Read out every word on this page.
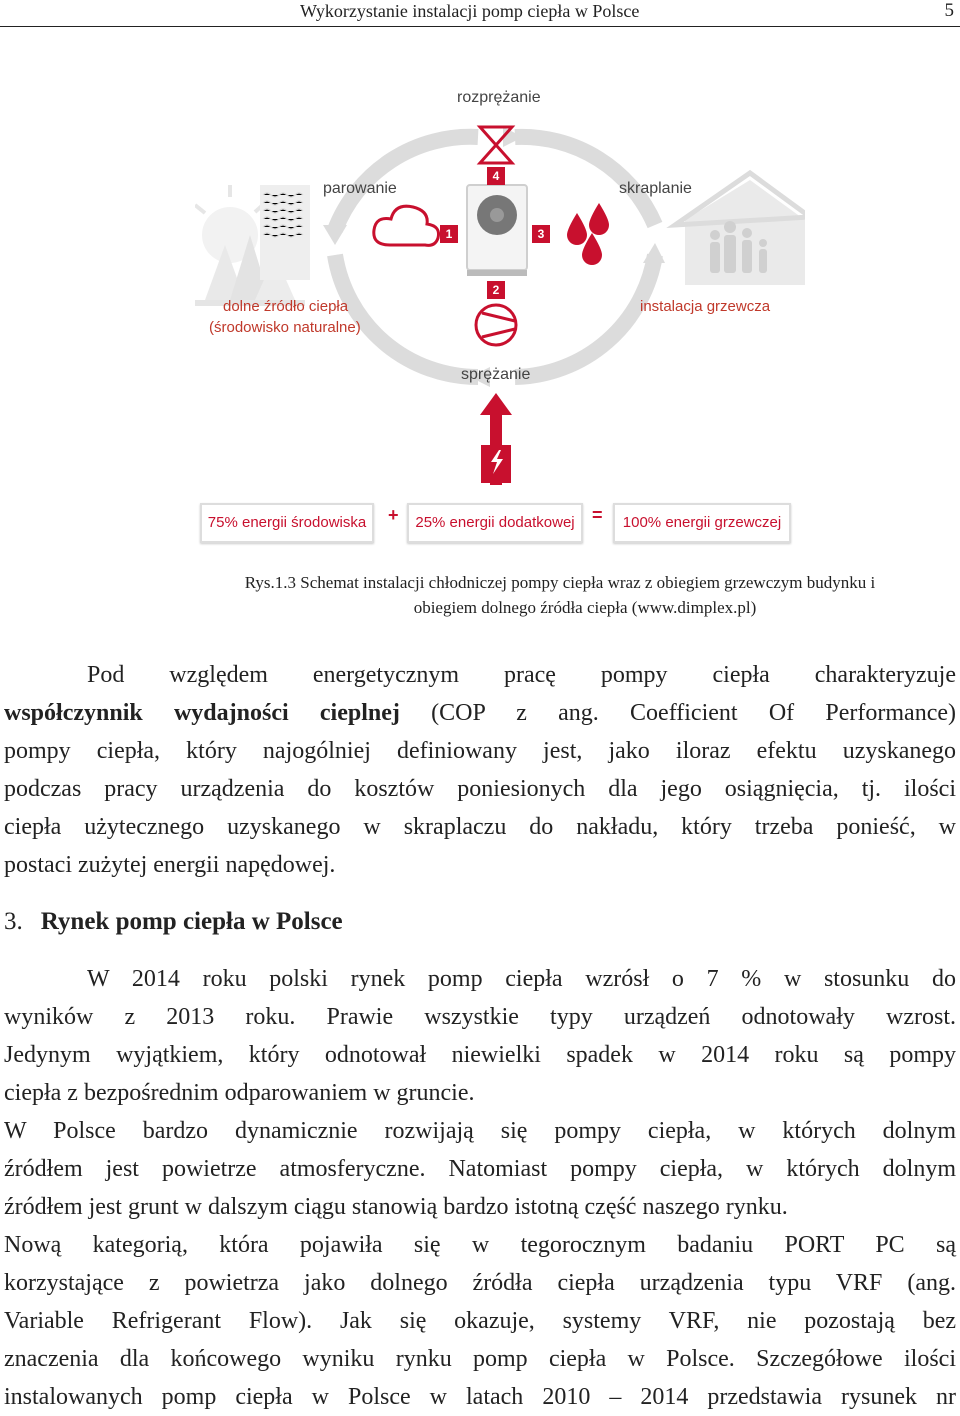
Wykorzystanie instalacji pomp ciepła w Polsce	5
rozprężanie
parowanie	skraplanie
sprężanie
dolne źródło ciepła
(środowisko naturalne)
instalacja grzewcza
1
2
3
4
75% energii środowiska	+	25% energii dodatkowej =	100% energii grzewczej
Rys.1.3 Schemat instalacji chłodniczej pompy ciepła wraz z obiegiem grzewczym budynku i
obiegiem dolnego źródła ciepła (www.dimplex.pl)
Pod względem energetycznym pracę pompy ciepła charakteryzuje
współczynnik wydajności cieplnej (COP z ang. Coefficient Of Performance)
pompy ciepła, który najogólniej definiowany jest, jako iloraz efektu uzyskanego
podczas pracy urządzenia do kosztów poniesionych dla jego osiągnięcia, tj. ilości
ciepła użytecznego uzyskanego w skraplaczu do nakładu, który trzeba ponieść, w
postaci zużytej energii napędowej.
3. Rynek pomp ciepła w Polsce
W 2014 roku polski rynek pomp ciepła wzrósł o 7 % w stosunku do
wyników z 2013 roku. Prawie wszystkie typy urządzeń odnotowały wzrost.
Jedynym wyjątkiem, który odnotował niewielki spadek w 2014 roku są pompy
ciepła z bezpośrednim odparowaniem w gruncie.
W Polsce bardzo dynamicznie rozwijają się pompy ciepła, w których dolnym
źródłem jest powietrze atmosferyczne. Natomiast pompy ciepła, w których dolnym
źródłem jest grunt w dalszym ciągu stanowią bardzo istotną część naszego rynku.
Nową kategorią, która pojawiła się w tegorocznym badaniu PORT PC są
korzystające z powietrza jako dolnego źródła ciepła urządzenia typu VRF (ang.
Variable Refrigerant Flow). Jak się okazuje, systemy VRF, nie pozostają bez
znaczenia dla końcowego wyniku rynku pomp ciepła w Polsce. Szczegółowe ilości
instalowanych pomp ciepła w Polsce w latach 2010 – 2014 przedstawia rysunek nr
